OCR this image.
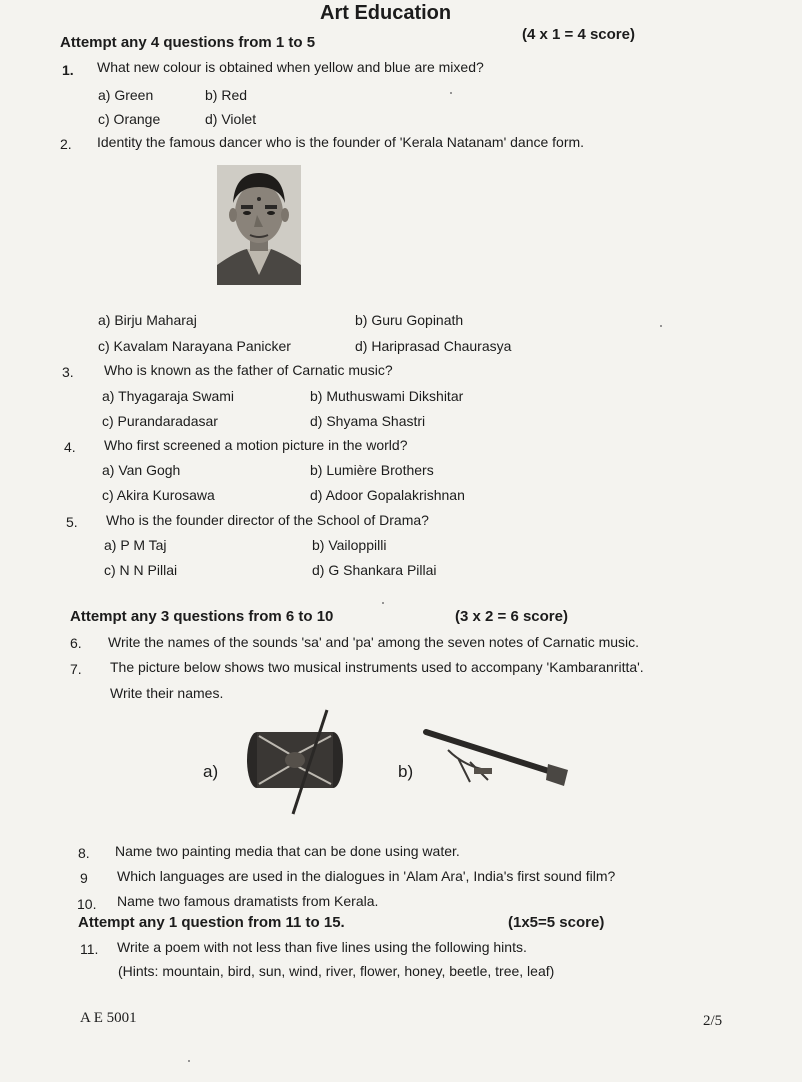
Art Education
Attempt any 4 questions from 1 to 5	(4 x 1 = 4 score)
1. What new colour is obtained when yellow and blue are mixed?
a) Green	b) Red
c) Orange	d) Violet
2. Identity the famous dancer who is the founder of 'Kerala Natanam' dance form.
a) Birju Maharaj	b) Guru Gopinath
c) Kavalam Narayana Panicker	d) Hariprasad Chaurasya
3. Who is known as the father of Carnatic music?
a) Thyagaraja Swami	b) Muthuswami Dikshitar
c) Purandaradasar	d) Shyama Shastri
4. Who first screened a motion picture in the world?
a) Van Gogh	b) Lumière Brothers
c) Akira Kurosawa	d) Adoor Gopalakrishnan
5. Who is the founder director of the School of Drama?
a) P M Taj	b) Vailoppilli
c) N N Pillai	d) G Shankara Pillai
Attempt any 3 questions from 6 to 10	(3 x 2 = 6 score)
6. Write the names of the sounds 'sa' and 'pa' among the seven notes of Carnatic music.
7. The picture below shows two musical instruments used to accompany 'Kambaranritta'.
Write their names.
a)	b)
8. Name two painting media that can be done using water.
9 Which languages are used in the dialogues in 'Alam Ara', India's first sound film?
10. Name two famous dramatists from Kerala.
Attempt any 1 question from 11 to 15.	(1x5=5 score)
11. Write a poem with not less than five lines using the following hints.
(Hints: mountain, bird, sun, wind, river, flower, honey, beetle, tree, leaf)
A E 5001	2/5
